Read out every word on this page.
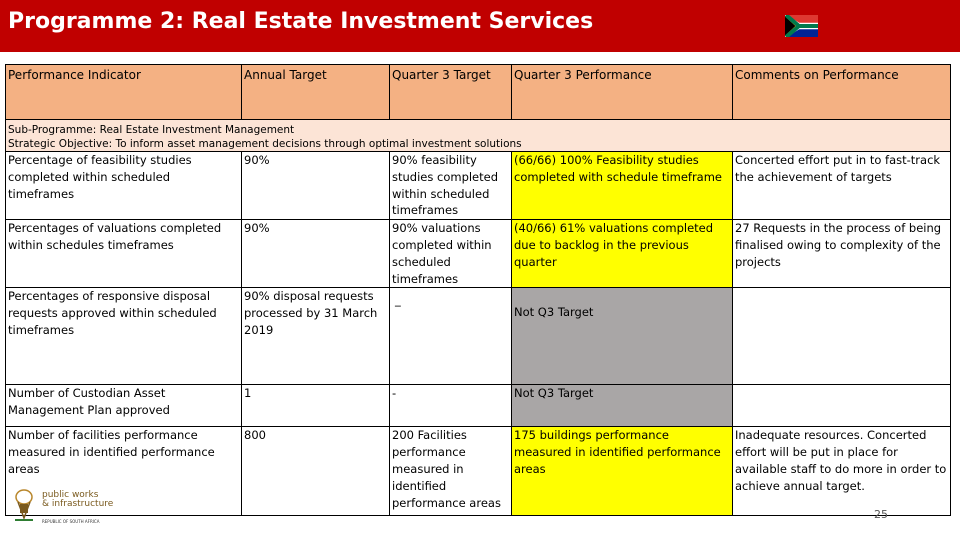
Programme 2: Real Estate Investment Services
Performance Indicator	Annual Target	Quarter 3 Target	Quarter 3 Performance	Comments on Performance

Sub-Programme: Real Estate Investment Management
Strategic Objective: To inform asset management decisions through optimal investment solutions				

Percentage of feasibility studies completed within scheduled timeframes	90%	90% feasibility studies completed within scheduled timeframes	(66/66) 100% Feasibility studies completed with schedule timeframe	Concerted effort put in to fast-track the achievement of targets
Percentages of valuations completed within schedules timeframes	90%	90% valuations completed within scheduled timeframes	(40/66) 61% valuations completed due to backlog in the previous quarter	27 Requests in the process of being finalised owing to complexity of the projects
Percentages of responsive disposal requests approved within scheduled timeframes	90% disposal requests processed by 31 March 2019	_	Not Q3 Target	

Number of Custodian Asset Management Plan approved	1	-	Not Q3 Target	
Number of facilities performance measured in identified performance areas	800	200 Facilities performance measured in identified performance areas	175 buildings performance measured in identified performance areas	Inadequate resources. Concerted effort will be put in place for available staff to do more in order to achieve annual target.
public works
& infrastructure
REPUBLIC OF SOUTH AFRICA
25
